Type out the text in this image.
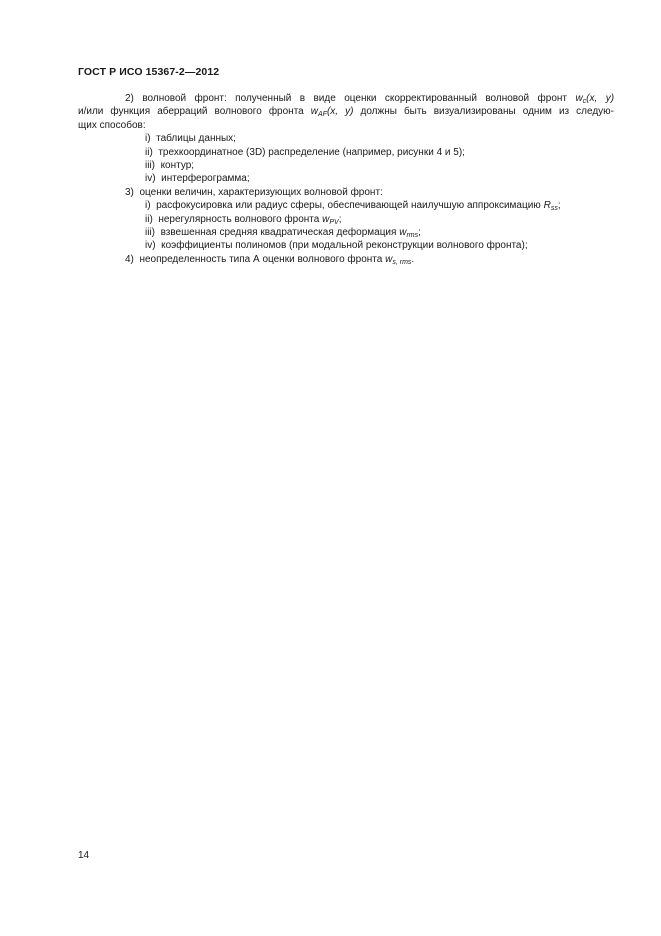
ГОСТ Р ИСО 15367-2—2012
2) волновой фронт: полученный в виде оценки скорректированный волновой фронт $w_c(x$, y)
и/или функция аберраций волнового фронта $w_{AF}(x$, y) должны быть визуализированы одним из следую-
щих способов:
i) таблицы данных;
ii) трехкоординатное (3D) распределение (например, рисунки 4 и 5);
iii) контур;
iv) интерферограмма;
3) оценки величин, характеризующих волновой фронт:
i) расфокусировка или радиус сферы, обеспечивающей наилучшую аппроксимацию $R_{ss}$;
ii) нерегулярность волнового фронта $w_{PV}$;
iii) взвешенная средняя квадратическая деформация $w_{rms}$;
iv) коэффициенты полиномов (при модальной реконструкции волнового фронта);
4) неопределенность типа А оценки волнового фронта $w_{s, rms}$.
14
